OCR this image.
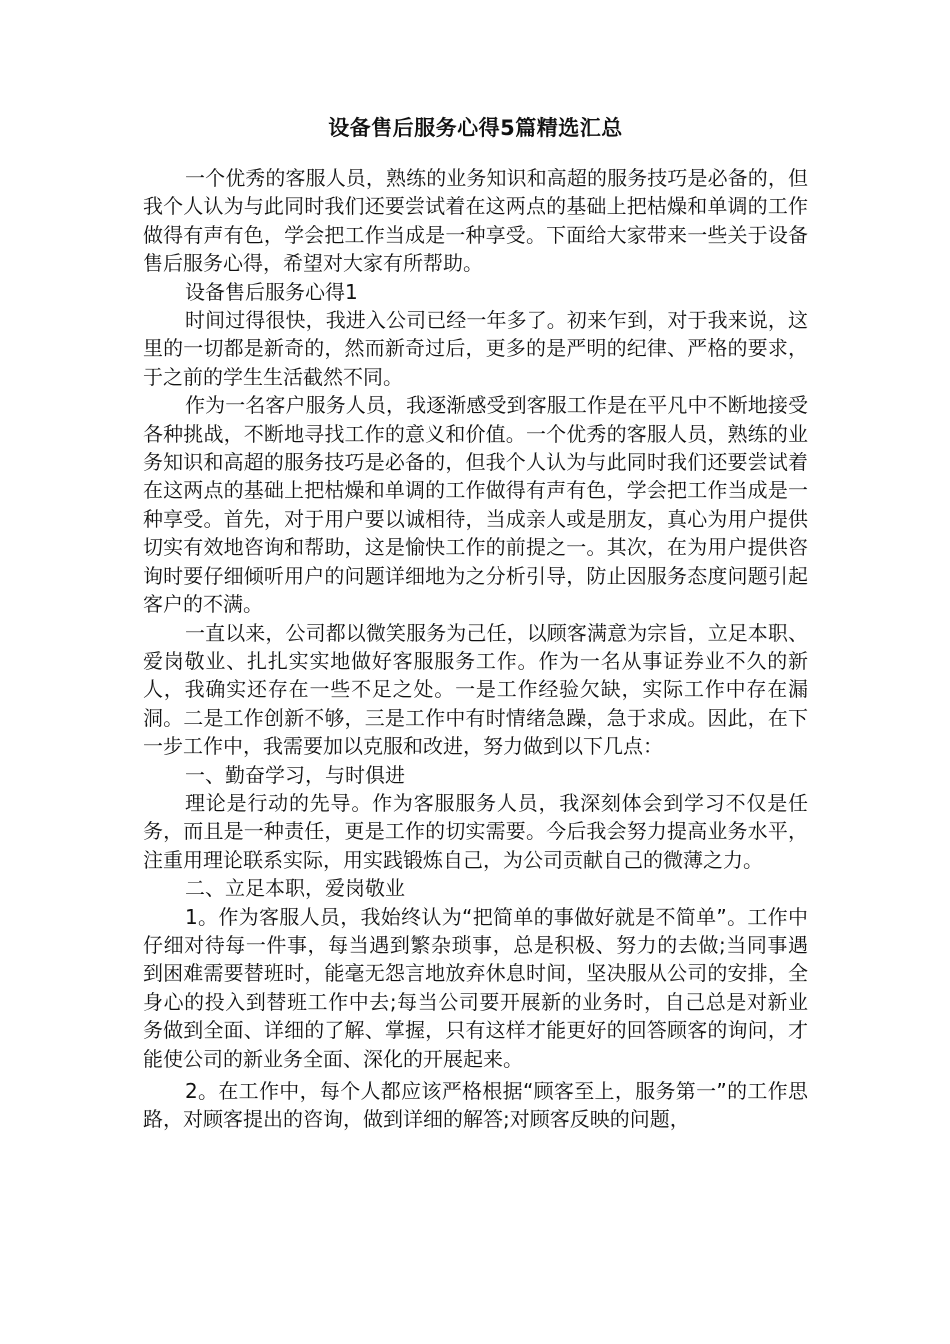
设备售后服务心得5篇精选汇总

一个优秀的客服人员，熟练的业务知识和高超的服务技巧是必备的，但我个人认为与此同时我们还要尝试着在这两点的基础上把枯燥和单调的工作做得有声有色，学会把工作当成是一种享受。下面给大家带来一些关于设备售后服务心得，希望对大家有所帮助。

设备售后服务心得1

时间过得很快，我进入公司已经一年多了。初来乍到，对于我来说，这里的一切都是新奇的，然而新奇过后，更多的是严明的纪律、严格的要求，于之前的学生生活截然不同。

作为一名客户服务人员，我逐渐感受到客服工作是在平凡中不断地接受各种挑战，不断地寻找工作的意义和价值。一个优秀的客服人员，熟练的业务知识和高超的服务技巧是必备的，但我个人认为与此同时我们还要尝试着在这两点的基础上把枯燥和单调的工作做得有声有色，学会把工作当成是一种享受。首先，对于用户要以诚相待，当成亲人或是朋友，真心为用户提供切实有效地咨询和帮助，这是愉快工作的前提之一。其次，在为用户提供咨询时要仔细倾听用户的问题详细地为之分析引导，防止因服务态度问题引起客户的不满。

一直以来，公司都以微笑服务为己任，以顾客满意为宗旨，立足本职、爱岗敬业、扎扎实实地做好客服服务工作。作为一名从事证券业不久的新人，我确实还存在一些不足之处。一是工作经验欠缺，实际工作中存在漏洞。二是工作创新不够，三是工作中有时情绪急躁，急于求成。因此，在下一步工作中，我需要加以克服和改进，努力做到以下几点：

一、勤奋学习，与时俱进

理论是行动的先导。作为客服服务人员，我深刻体会到学习不仅是任务，而且是一种责任，更是工作的切实需要。今后我会努力提高业务水平，注重用理论联系实际，用实践锻炼自己，为公司贡献自己的微薄之力。

二、立足本职，爱岗敬业

1。作为客服人员，我始终认为“把简单的事做好就是不简单”。工作中仔细对待每一件事，每当遇到繁杂琐事，总是积极、努力的去做;当同事遇到困难需要替班时，能毫无怨言地放弃休息时间，坚决服从公司的安排，全身心的投入到替班工作中去;每当公司要开展新的业务时，自己总是对新业务做到全面、详细的了解、掌握，只有这样才能更好的回答顾客的询问，才能使公司的新业务全面、深化的开展起来。

2。在工作中，每个人都应该严格根据“顾客至上，服务第一”的工作思路，对顾客提出的咨询，做到详细的解答;对顾客反映的问题，
